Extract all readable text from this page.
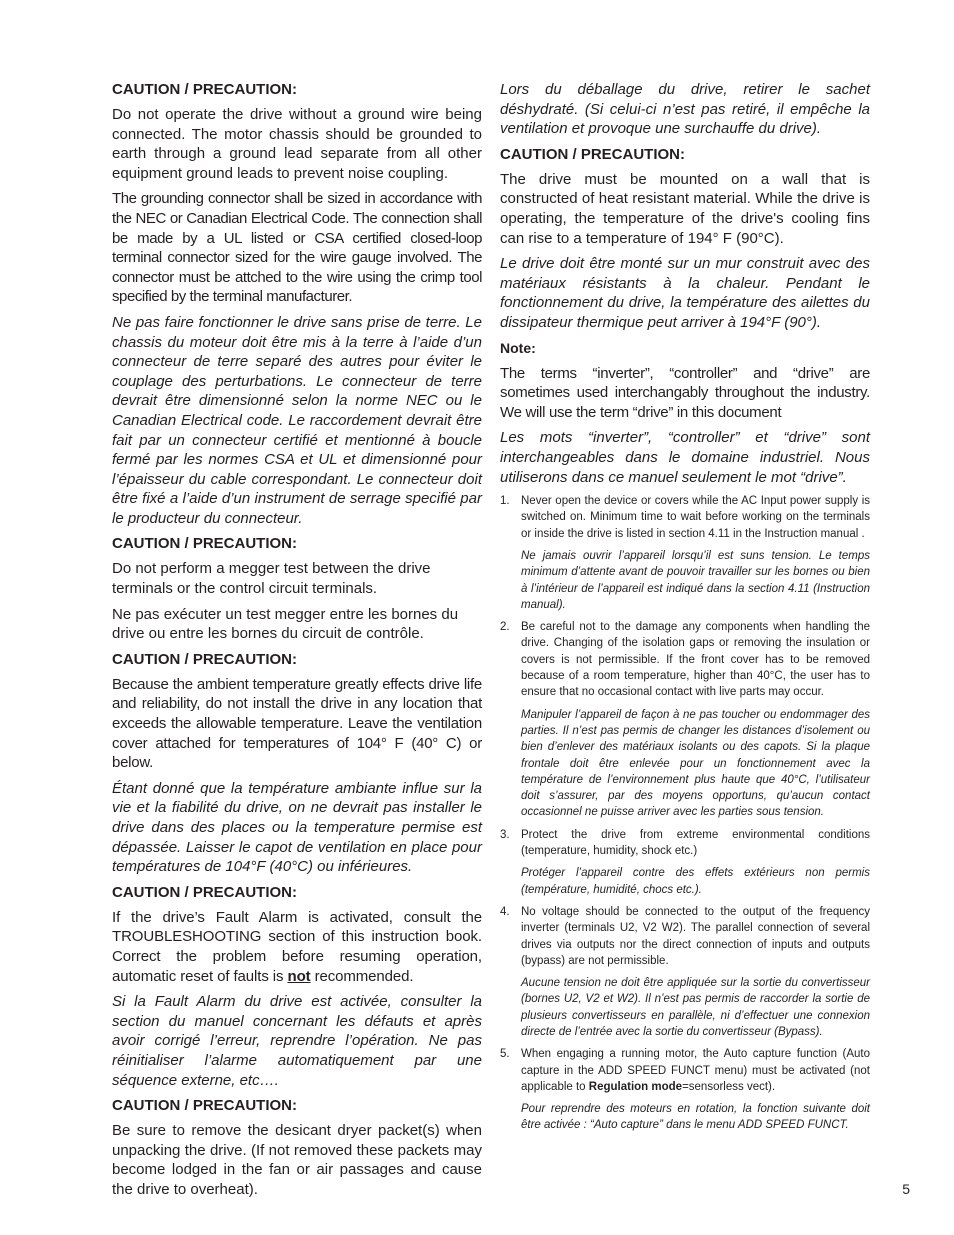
CAUTION / PRECAUTION:

Do not operate the drive without a ground wire being connected. The motor chassis should be grounded to earth through a ground lead separate from all other equipment ground leads to prevent noise coupling.

The grounding connector shall be sized in accordance with the NEC or Canadian Electrical Code. The connection shall be made by a UL listed or CSA certified closed-loop terminal connector sized for the wire gauge involved. The connector must be attched to the wire using the crimp tool specified by the terminal manufacturer.

Ne pas faire fonctionner le drive sans prise de terre. Le chassis du moteur doit être mis à la terre à l’aide d’un connecteur de terre separé des autres pour éviter le couplage des perturbations. Le connecteur de terre devrait être dimensionné selon la norme NEC ou le Canadian Electrical code. Le raccordement devrait être fait par un connecteur certifié et mentionné à boucle fermé par les normes CSA et UL et dimensionné pour l’épaisseur du cable correspondant. Le connecteur doit être fixé a l’aide d’un instrument de serrage specifié par le producteur du connecteur.

CAUTION / PRECAUTION:

Do not perform a megger test between the drive terminals or the control circuit terminals.

Ne pas exécuter un test megger entre les bornes du drive ou entre les bornes du circuit de contrôle.

CAUTION / PRECAUTION:

Because the ambient temperature greatly effects drive life and reliability, do not install the drive in any location that exceeds the allowable temperature. Leave the ventilation cover attached for temperatures of 104° F (40° C) or below.

Étant donné que la température ambiante influe sur la vie et la fiabilité du drive, on ne devrait pas installer le drive dans des places ou la temperature permise est dépassée. Laisser le capot de ventilation en place pour températures de 104°F (40°C) ou inférieures.

CAUTION / PRECAUTION:

If the drive’s Fault Alarm is activated, consult the TROUBLESHOOTING section of this instruction book. Correct the problem before resuming operation, automatic reset of faults is not recommended.

Si la Fault Alarm du drive est activée, consulter la section du manuel concernant les défauts et après avoir corrigé l’erreur, reprendre l’opération. Ne pas réinitialiser l’alarme automatiquement par une séquence externe, etc….

CAUTION / PRECAUTION:

Be sure to remove the desicant dryer packet(s) when unpacking the drive. (If not removed these packets may become lodged in the fan or air passages and cause the drive to overheat).

Lors du déballage du drive, retirer le sachet déshydraté. (Si celui-ci n’est pas retiré, il empêche la ventilation et provoque une surchauffe du drive).

CAUTION / PRECAUTION:

The drive must be mounted on a wall that is constructed of heat resistant material. While the drive is operating, the temperature of the drive's cooling fins can rise to a temperature of 194° F (90°C).

Le drive doit être monté sur un mur construit avec des matériaux résistants à la chaleur. Pendant le fonctionnement du drive, la température des ailettes du dissipateur thermique peut arriver à 194°F (90°).

Note:

The terms “inverter”, “controller” and “drive” are sometimes used interchangably throughout the industry. We will use the term “drive” in this document

Les mots “inverter”, “controller” et “drive” sont interchangeables dans le domaine industriel. Nous utiliserons dans ce manuel seulement le mot “drive”.

1. Never open the device or covers while the AC Input power supply is switched on. Minimum time to wait before working on the terminals or inside the drive is listed in section 4.11 in the Instruction manual .

Ne jamais ouvrir l’appareil lorsqu’il est suns tension. Le temps minimum d’attente avant de pouvoir travailler sur les bornes ou bien à l’intérieur de l’appareil est indiqué dans la section 4.11 (Instruction manual).

2. Be careful not to the damage any components when handling the drive. Changing of the isolation gaps or removing the insulation or covers is not permissible. If the front cover has to be removed because of a room temperature, higher than 40°C, the user has to ensure that no occasional contact with live parts may occur.

Manipuler l’appareil de façon à ne pas toucher ou endommager des parties. Il n’est pas permis de changer les distances d’isolement ou bien d’enlever des matériaux isolants ou des capots. Si la plaque frontale doit être enlevée pour un fonctionnement avec la température de l’environnement plus haute que 40°C, l’utilisateur doit s’assurer, par des moyens opportuns, qu’aucun contact occasionnel ne puisse arriver avec les parties sous tension.

3. Protect the drive from extreme environmental conditions (temperature, humidity, shock etc.)

Protéger l’appareil contre des effets extérieurs non permis (température, humidité, chocs etc.).

4. No voltage should be connected to the output of the frequency inverter (terminals U2, V2 W2). The parallel connection of several drives via outputs nor the direct connection of inputs and outputs (bypass) are not permissible.

Aucune tension ne doit être appliquée sur la sortie du convertisseur (bornes U2, V2 et W2). Il n’est pas permis de raccorder la sortie de plusieurs convertisseurs en parallèle, ni d’effectuer une connexion directe de l’entrée avec la sortie du convertisseur (Bypass).

5. When engaging a running motor, the Auto capture function (Auto capture in the ADD SPEED FUNCT menu) must be activated (not applicable to Regulation mode=sensorless vect).

Pour reprendre des moteurs en rotation, la fonction suivante doit être activée : “Auto capture” dans le menu ADD SPEED FUNCT.

5
